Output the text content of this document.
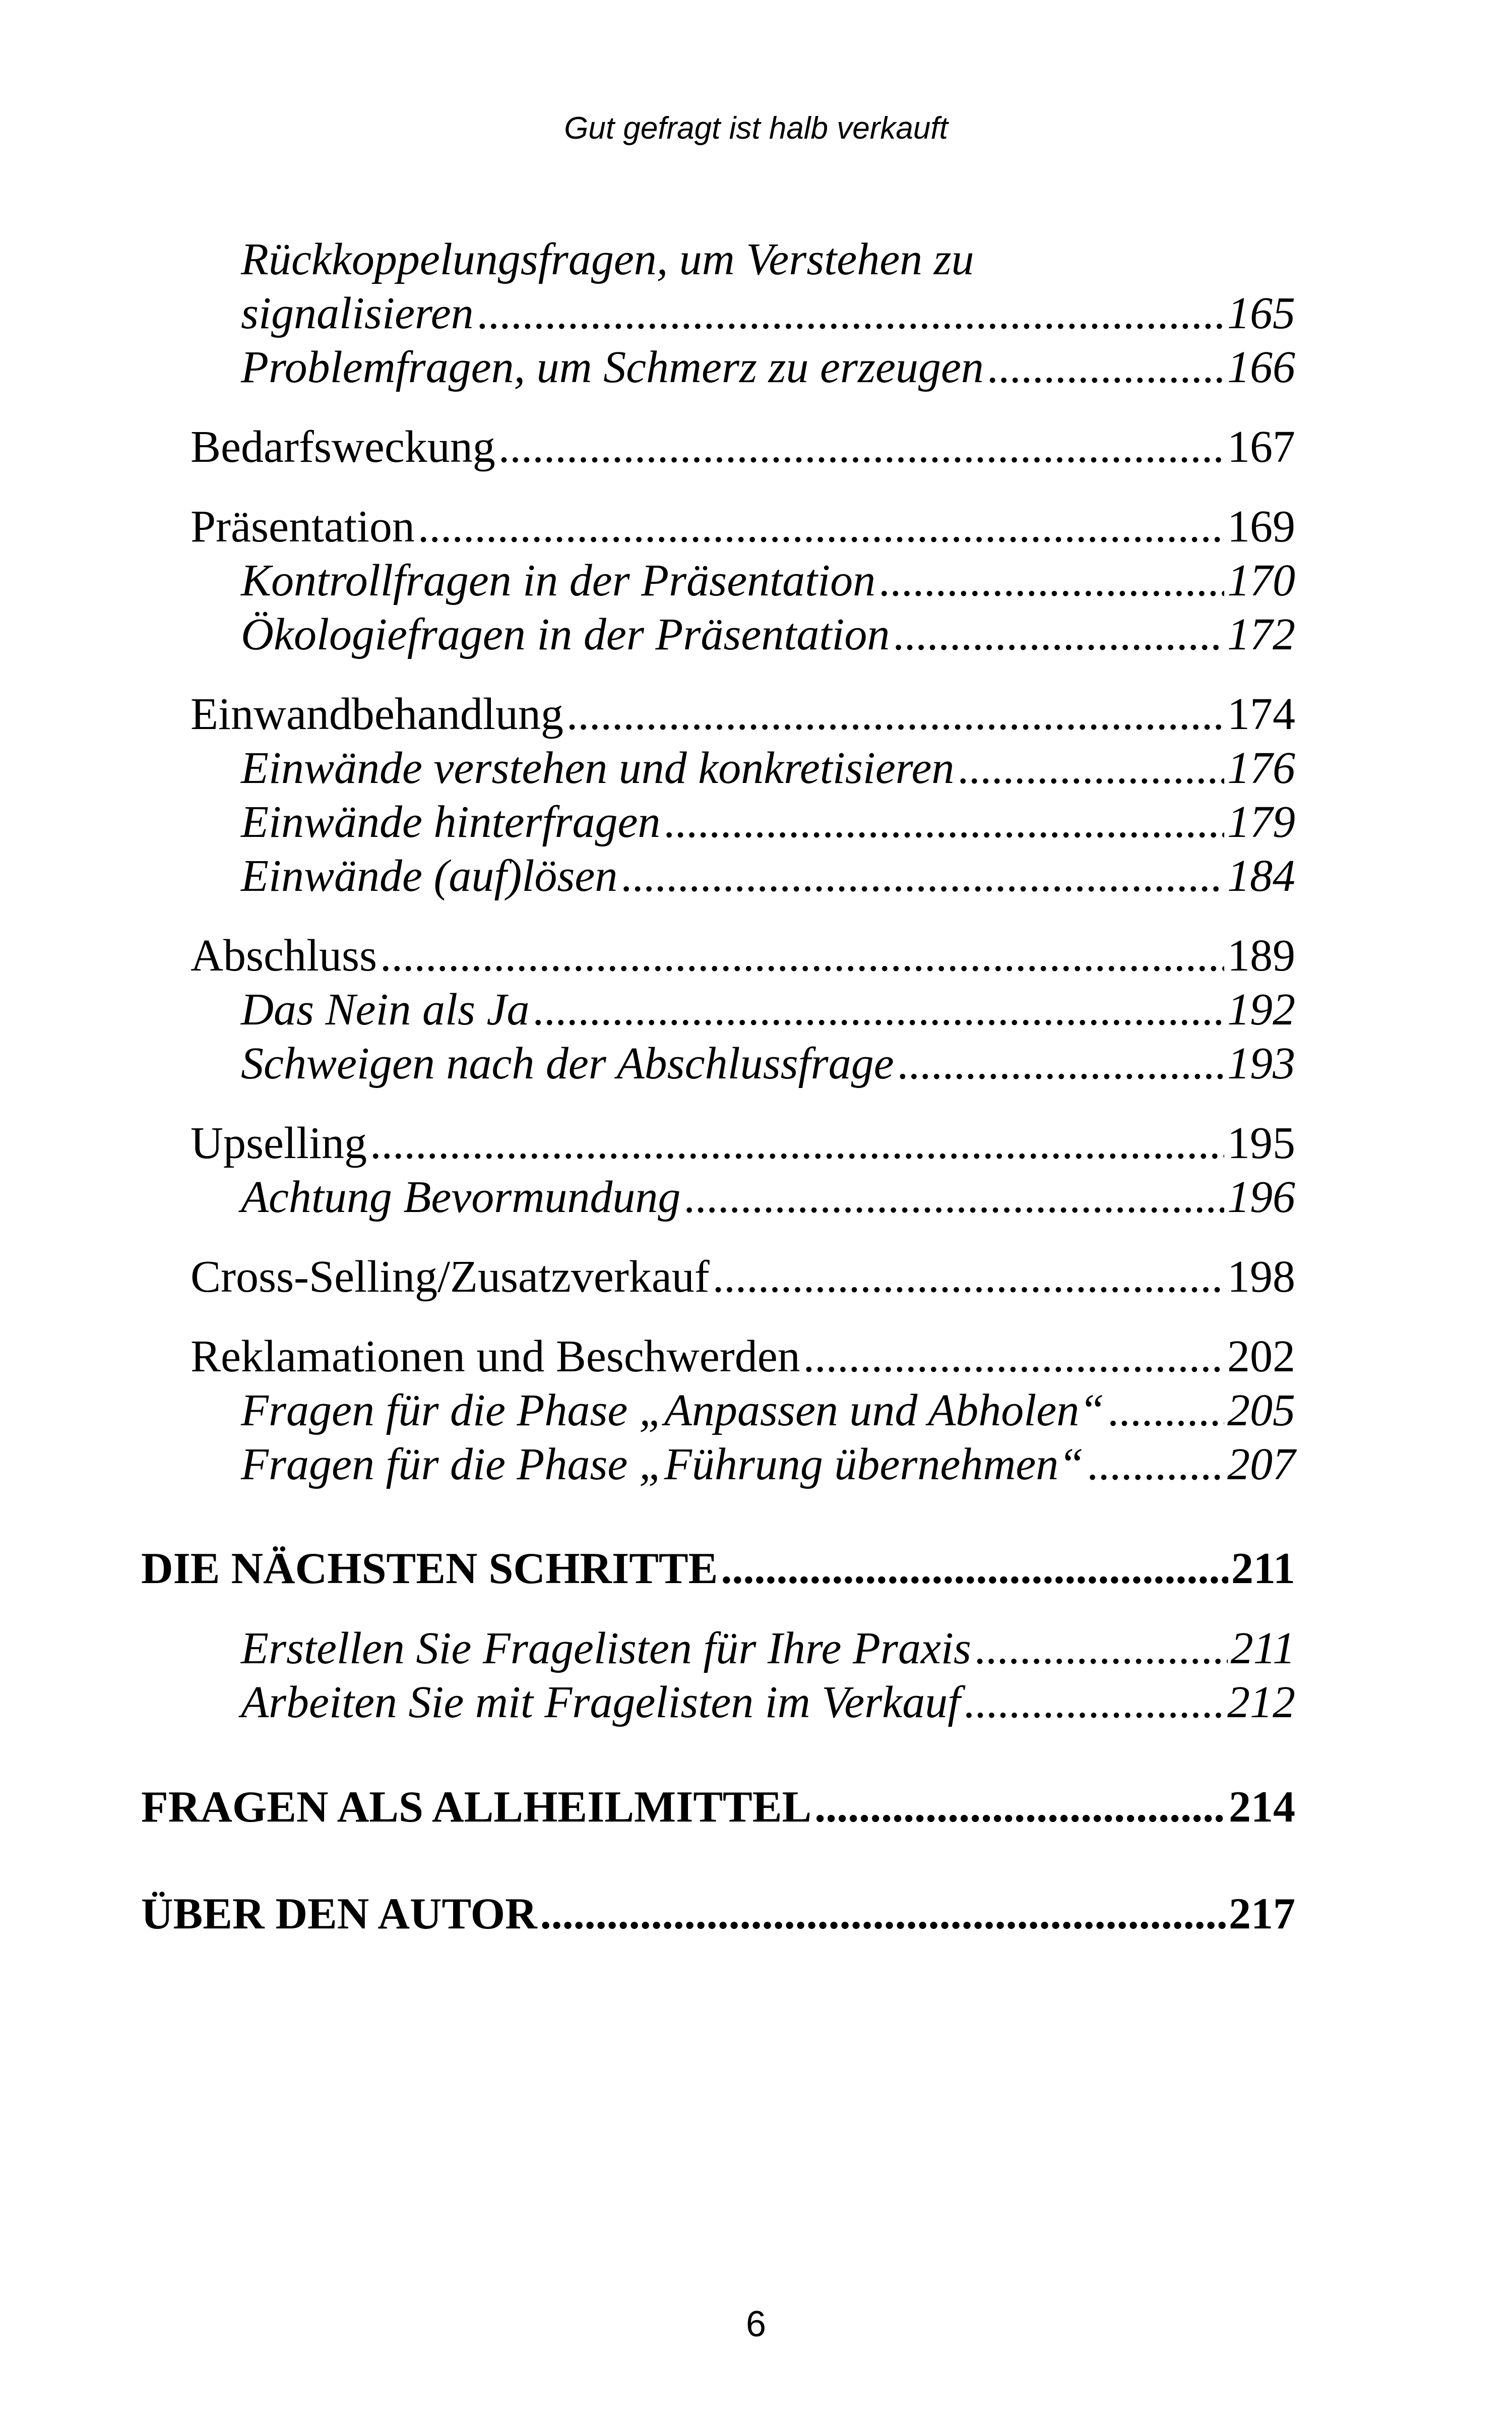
Gut gefragt ist halb verkauft
Rückkoppelungsfragen, um Verstehen zu
signalisieren .....	165
Problemfragen, um Schmerz zu erzeugen .....	166
Bedarfsweckung .....	167
Präsentation .....	169
Kontrollfragen in der Präsentation .....	170
Ökologiefragen in der Präsentation .....	172
Einwandbehandlung .....	174
Einwände verstehen und konkretisieren .....	176
Einwände hinterfragen .....	179
Einwände (auf)lösen .....	184
Abschluss .....	189
Das Nein als Ja .....	192
Schweigen nach der Abschlussfrage .....	193
Upselling .....	195
Achtung Bevormundung .....	196
Cross-Selling/Zusatzverkauf .....	198
Reklamationen und Beschwerden .....	202
Fragen für die Phase „Anpassen und Abholen“ .....	205
Fragen für die Phase „Führung übernehmen“ .....	207
DIE NÄCHSTEN SCHRITTE .....	211
Erstellen Sie Fragelisten für Ihre Praxis .....	211
Arbeiten Sie mit Fragelisten im Verkauf .....	212
FRAGEN ALS ALLHEILMITTEL .....	214
ÜBER DEN AUTOR .....	217
6
